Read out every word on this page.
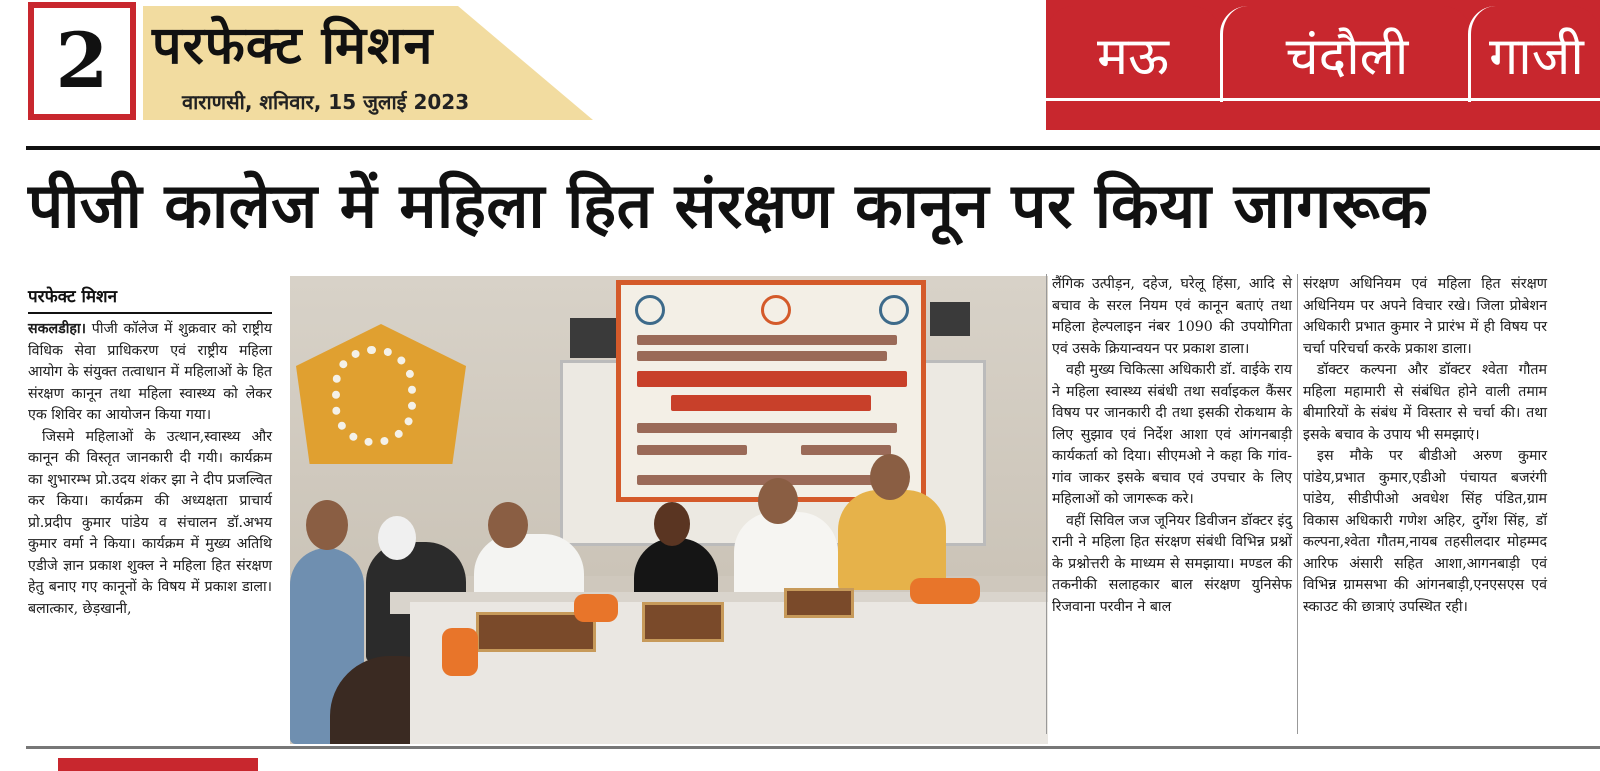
2 परफेक्ट मिशन
वाराणसी, शनिवार, 15 जुलाई 2023
मऊ	चंदौली	गाजी
पीजी कालेज में महिला हित संरक्षण कानून पर किया जागरूक
परफेक्ट मिशन

सकलडीहा। पीजी कॉलेज में शुक्रवार को राष्ट्रीय विधिक सेवा प्राधिकरण एवं राष्ट्रीय महिला आयोग के संयुक्त तत्वाधान में महिलाओं के हित संरक्षण कानून तथा महिला स्वास्थ्य को लेकर एक शिविर का आयोजन किया गया।

जिसमे महिलाओं के उत्थान,स्वास्थ्य और कानून की विस्तृत जानकारी दी गयी। कार्यक्रम का शुभारम्भ प्रो.उदय शंकर झा ने दीप प्रजल्वित कर किया। कार्यक्रम की अध्यक्षता प्राचार्य प्रो.प्रदीप कुमार पांडेय व संचालन डॉ.अभय कुमार वर्मा ने किया। कार्यक्रम में मुख्य अतिथि एडीजे ज्ञान प्रकाश शुक्ल ने महिला हित संरक्षण हेतु बनाए गए कानूनों के विषय में प्रकाश डाला। बलात्कार, छेड़खानी,

लैंगिक उत्पीड़न, दहेज, घरेलू हिंसा, आदि से बचाव के सरल नियम एवं कानून बताएं तथा महिला हेल्पलाइन नंबर 1090 की उपयोगिता एवं उसके क्रियान्वयन पर प्रकाश डाला।

वही मुख्य चिकित्सा अधिकारी डॉ. वाईके राय ने महिला स्वास्थ्य संबंधी तथा सर्वाइकल कैंसर विषय पर जानकारी दी तथा इसकी रोकथाम के लिए सुझाव एवं निर्देश आशा एवं आंगनबाड़ी कार्यकर्ता को दिया। सीएमओ ने कहा कि गांव-गांव जाकर इसके बचाव एवं उपचार के लिए महिलाओं को जागरूक करे।

वहीं सिविल जज जूनियर डिवीजन डॉक्टर इंदु रानी ने महिला हित संरक्षण संबंधी विभिन्न प्रश्नों के प्रश्नोत्तरी के माध्यम से समझाया। मण्डल की तकनीकी सलाहकार बाल संरक्षण युनिसेफ रिजवाना परवीन ने बाल

संरक्षण अधिनियम एवं महिला हित संरक्षण अधिनियम पर अपने विचार रखे। जिला प्रोबेशन अधिकारी प्रभात कुमार ने प्रारंभ में ही विषय पर चर्चा परिचर्चा करके प्रकाश डाला।

डॉक्टर कल्पना और डॉक्टर श्वेता गौतम महिला महामारी से संबंधित होने वाली तमाम बीमारियों के संबंध में विस्तार से चर्चा की। तथा इसके बचाव के उपाय भी समझाएं।

इस मौके पर बीडीओ अरुण कुमार पांडेय,प्रभात कुमार,एडीओ पंचायत बजरंगी पांडेय, सीडीपीओ अवधेश सिंह पंडित,ग्राम विकास अधिकारी गणेश अहिर, दुर्गेश सिंह, डॉ कल्पना,श्वेता गौतम,नायब तहसीलदार मोहम्मद आरिफ अंसारी सहित आशा,आगनबाड़ी एवं विभिन्न ग्रामसभा की आंगनबाड़ी,एनएसएस एवं स्काउट की छात्राएं उपस्थित रही।
